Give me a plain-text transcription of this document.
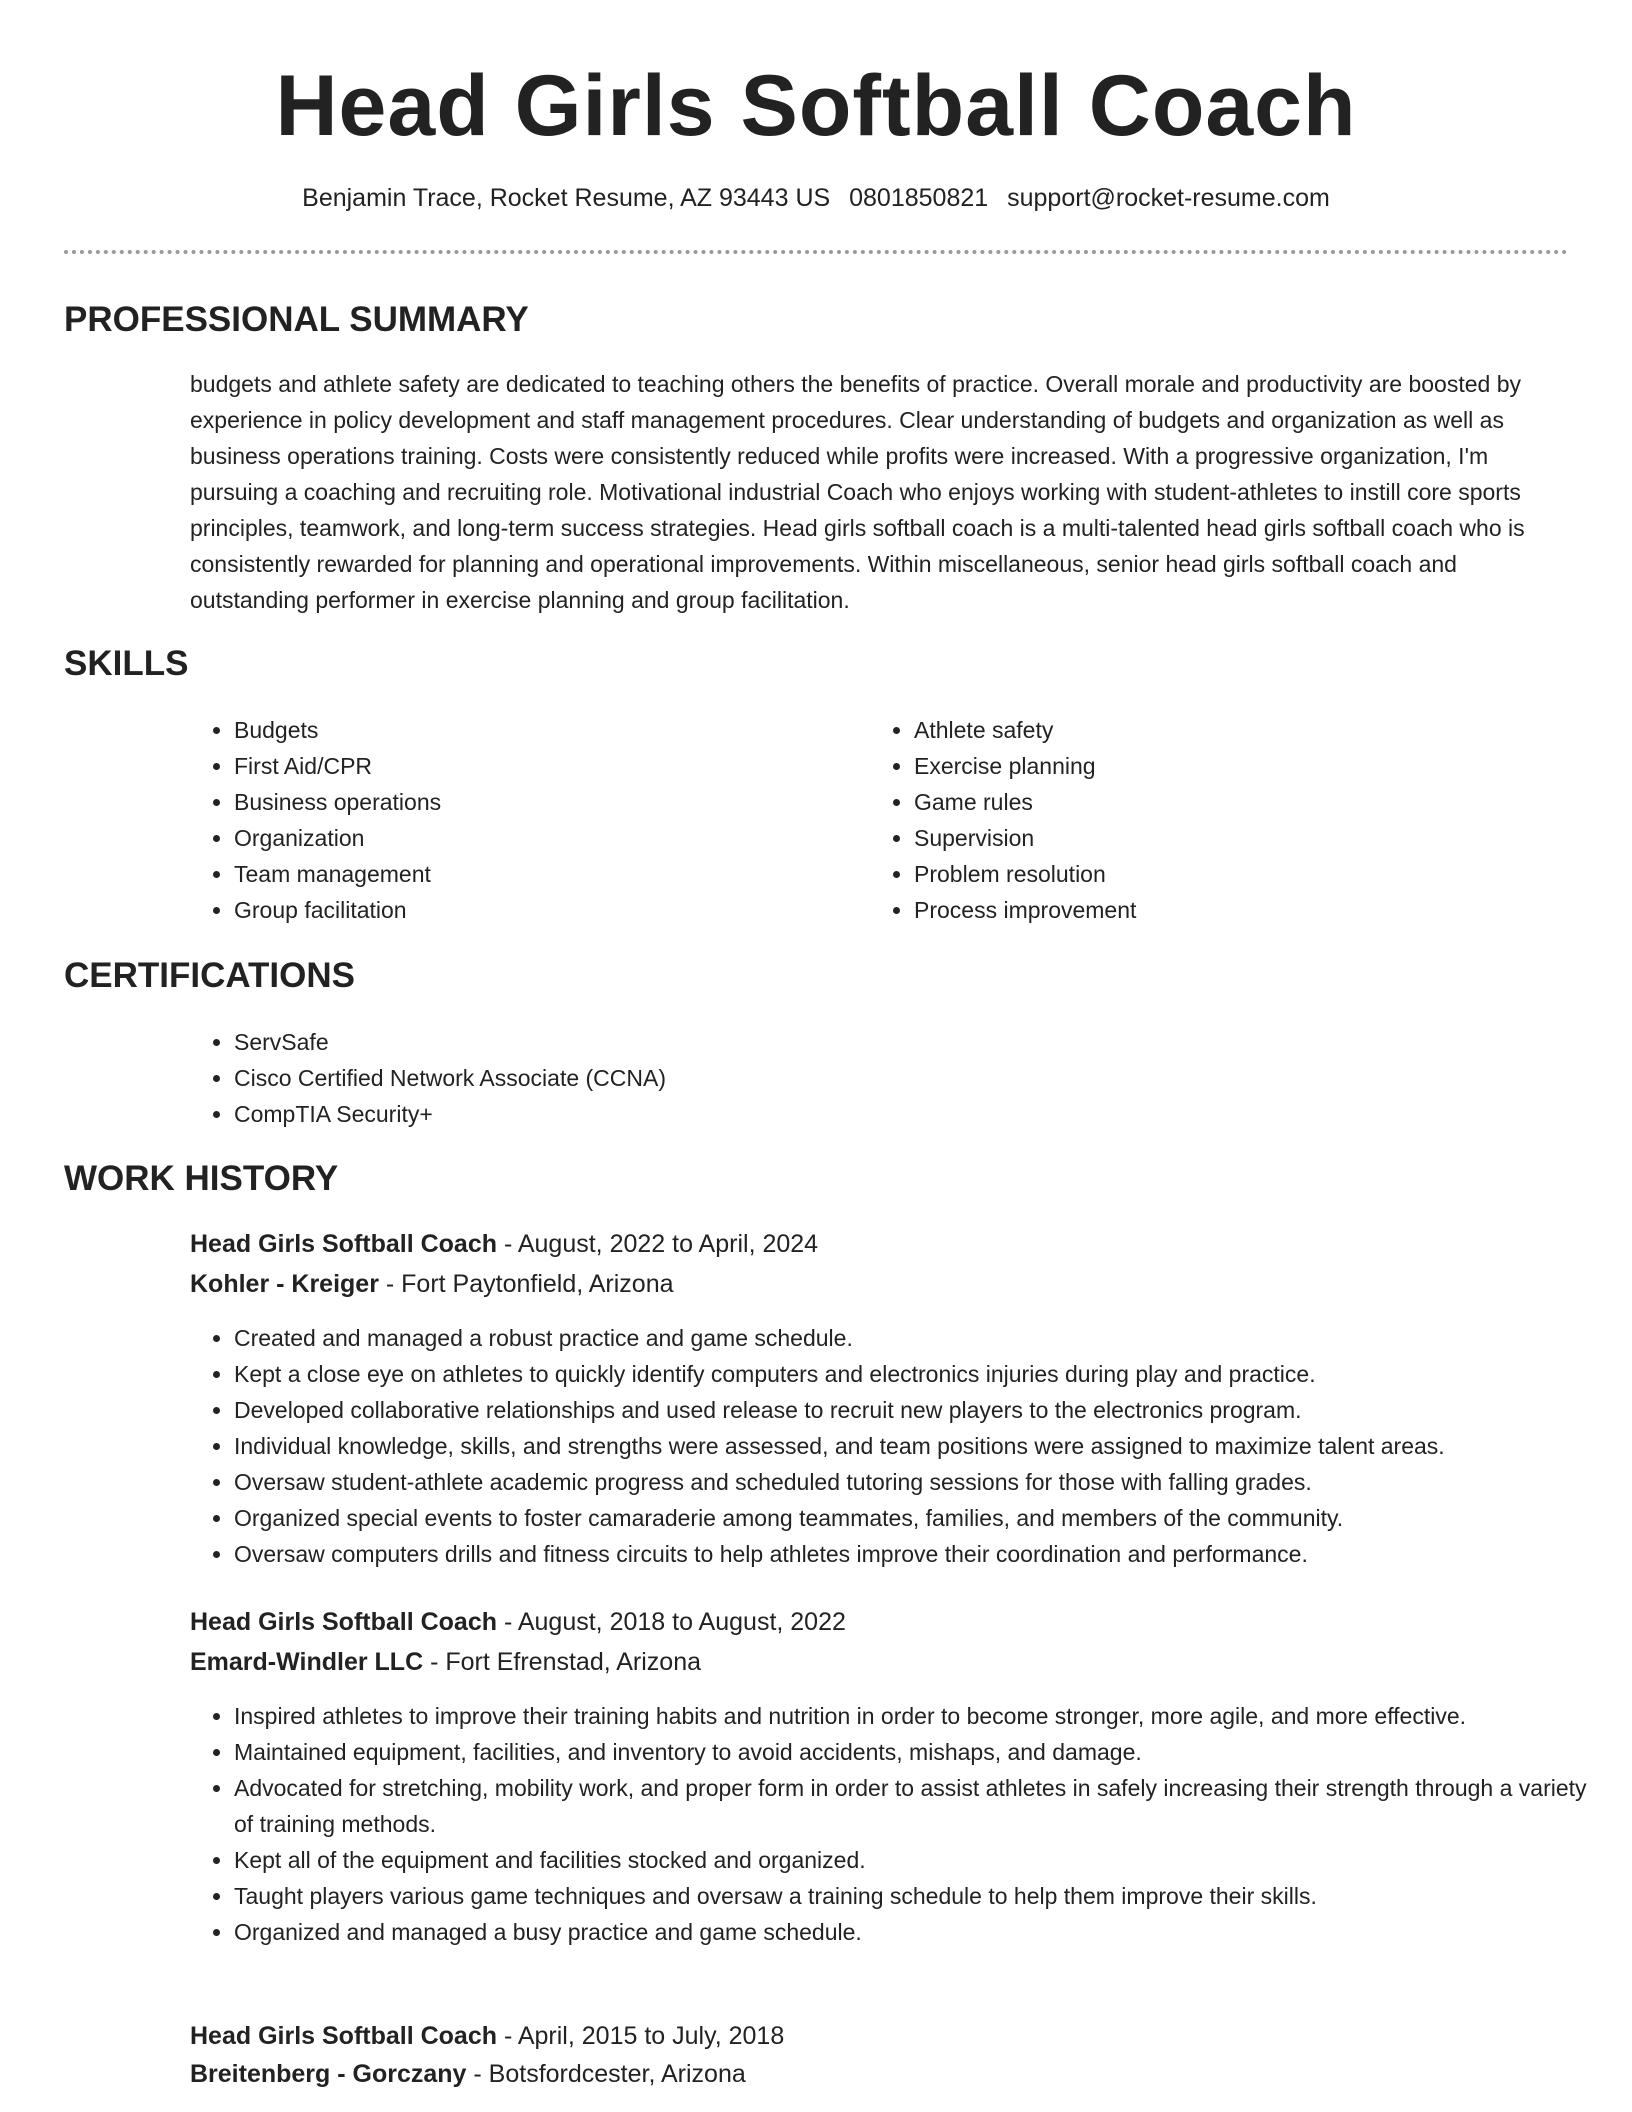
Head Girls Softball Coach
Benjamin Trace, Rocket Resume, AZ 93443 US 0801850821 support@rocket-resume.com
PROFESSIONAL SUMMARY

budgets and athlete safety are dedicated to teaching others the benefits of practice. Overall morale and productivity are boosted by experience in policy development and staff management procedures. Clear understanding of budgets and organization as well as business operations training. Costs were consistently reduced while profits were increased. With a progressive organization, I'm pursuing a coaching and recruiting role. Motivational industrial Coach who enjoys working with student-athletes to instill core sports principles, teamwork, and long-term success strategies. Head girls softball coach is a multi-talented head girls softball coach who is consistently rewarded for planning and operational improvements. Within miscellaneous, senior head girls softball coach and outstanding performer in exercise planning and group facilitation.

SKILLS
• Budgets
• First Aid/CPR
• Business operations
• Organization
• Team management
• Group facilitation
• Athlete safety
• Exercise planning
• Game rules
• Supervision
• Problem resolution
• Process improvement
CERTIFICATIONS
• ServSafe
• Cisco Certified Network Associate (CCNA)
• CompTIA Security+
WORK HISTORY
Head Girls Softball Coach - August, 2022 to April, 2024
Kohler - Kreiger - Fort Paytonfield, Arizona
• Created and managed a robust practice and game schedule.
• Kept a close eye on athletes to quickly identify computers and electronics injuries during play and practice.
• Developed collaborative relationships and used release to recruit new players to the electronics program.
• Individual knowledge, skills, and strengths were assessed, and team positions were assigned to maximize talent areas.
• Oversaw student-athlete academic progress and scheduled tutoring sessions for those with falling grades.
• Organized special events to foster camaraderie among teammates, families, and members of the community.
• Oversaw computers drills and fitness circuits to help athletes improve their coordination and performance.
Head Girls Softball Coach - August, 2018 to August, 2022
Emard-Windler LLC - Fort Efrenstad, Arizona
• Inspired athletes to improve their training habits and nutrition in order to become stronger, more agile, and more effective.
• Maintained equipment, facilities, and inventory to avoid accidents, mishaps, and damage.
• Advocated for stretching, mobility work, and proper form in order to assist athletes in safely increasing their strength through a variety of training methods.
• Kept all of the equipment and facilities stocked and organized.
• Taught players various game techniques and oversaw a training schedule to help them improve their skills.
• Organized and managed a busy practice and game schedule.
Head Girls Softball Coach - April, 2015 to July, 2018
Breitenberg - Gorczany - Botsfordcester, Arizona
